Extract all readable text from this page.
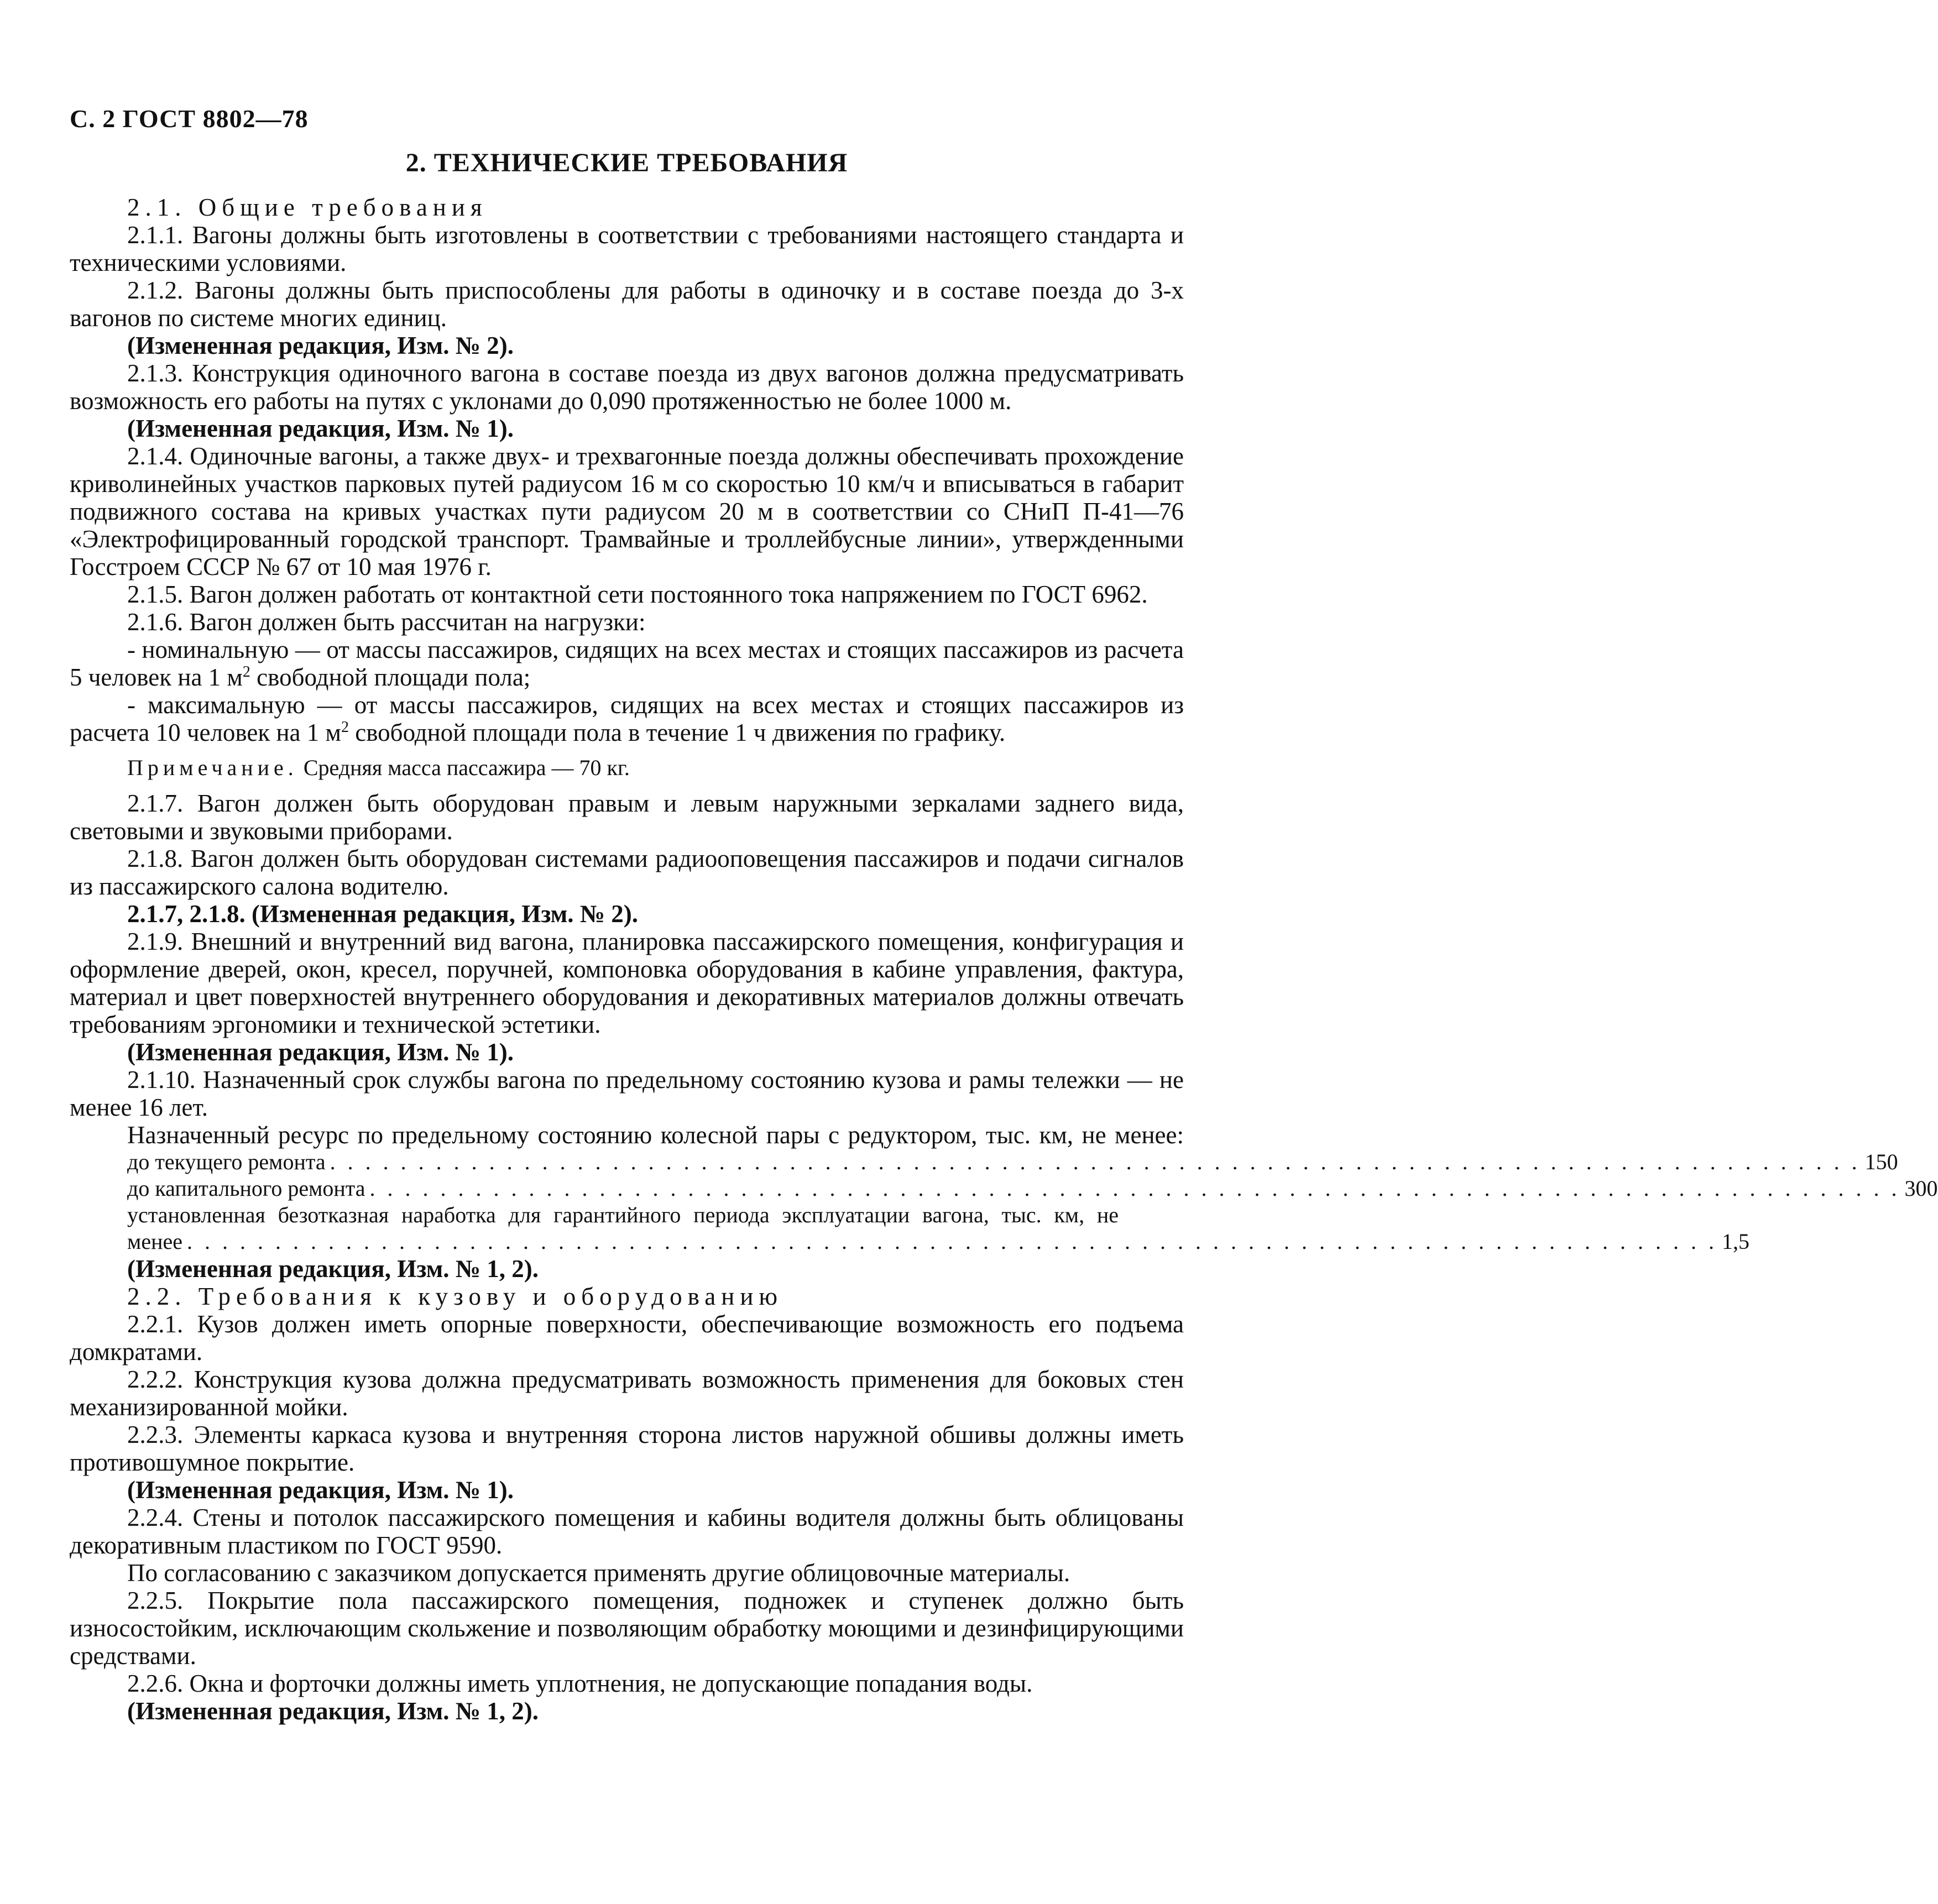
С. 2 ГОСТ 8802—78
2. ТЕХНИЧЕСКИЕ ТРЕБОВАНИЯ

2.1. Общие требования

2.1.1. Вагоны должны быть изготовлены в соответствии с требованиями настоящего стандарта и техническими условиями.

2.1.2. Вагоны должны быть приспособлены для работы в одиночку и в составе поезда до 3-х вагонов по системе многих единиц.

(Измененная редакция, Изм. № 2).

2.1.3. Конструкция одиночного вагона в составе поезда из двух вагонов должна предусматривать возможность его работы на путях с уклонами до 0,090 протяженностью не более 1000 м.

(Измененная редакция, Изм. № 1).

2.1.4. Одиночные вагоны, а также двух- и трехвагонные поезда должны обеспечивать прохождение криволинейных участков парковых путей радиусом 16 м со скоростью 10 км/ч и вписываться в габарит подвижного состава на кривых участках пути радиусом 20 м в соответствии со СНиП П-41—76 «Электрофицированный городской транспорт. Трамвайные и троллейбусные линии», утвержденными Госстроем СССР № 67 от 10 мая 1976 г.

2.1.5. Вагон должен работать от контактной сети постоянного тока напряжением по ГОСТ 6962.

2.1.6. Вагон должен быть рассчитан на нагрузки:

- номинальную — от массы пассажиров, сидящих на всех местах и стоящих пассажиров из расчета 5 человек на 1 $м^2$ свободной площади пола;

- максимальную — от массы пассажиров, сидящих на всех местах и стоящих пассажиров из расчета 10 человек на 1 $м^2$ свободной площади пола в течение 1 ч движения по графику.

Примечание. Средняя масса пассажира — 70 кг.

2.1.7. Вагон должен быть оборудован правым и левым наружными зеркалами заднего вида, световыми и звуковыми приборами.

2.1.8. Вагон должен быть оборудован системами радиооповещения пассажиров и подачи сигналов из пассажирского салона водителю.

2.1.7, 2.1.8. (Измененная редакция, Изм. № 2).

2.1.9. Внешний и внутренний вид вагона, планировка пассажирского помещения, конфигурация и оформление дверей, окон, кресел, поручней, компоновка оборудования в кабине управления, фактура, материал и цвет поверхностей внутреннего оборудования и декоративных материалов должны отвечать требованиям эргономики и технической эстетики.

(Измененная редакция, Изм. № 1).

2.1.10. Назначенный срок службы вагона по предельному состоянию кузова и рамы тележки — не менее 16 лет.

Назначенный ресурс по предельному состоянию колесной пары с редуктором, тыс. км, не менее:

до текущего ремонта . . . . . . . . . . . . . . . . . . . . . . . . . . . . . . . . . . . . . . . . . . . . . . . . . . . . . . . . . . . . . . . . . . . . . . . . . . . . . . . . . . . . . . . 150
до капитального ремонта . . . . . . . . . . . . . . . . . . . . . . . . . . . . . . . . . . . . . . . . . . . . . . . . . . . . . . . . . . . . . . . . . . . . . . . . . . . . . . . . . . . . . . . 300
установленная безотказная наработка для гарантийного периода эксплуатации вагона, тыс. км, не
менее . . . . . . . . . . . . . . . . . . . . . . . . . . . . . . . . . . . . . . . . . . . . . . . . . . . . . . . . . . . . . . . . . . . . . . . . . . . . . . . . . . . . . . . 1,5

(Измененная редакция, Изм. № 1, 2).

2.2. Требования к кузову и оборудованию

2.2.1. Кузов должен иметь опорные поверхности, обеспечивающие возможность его подъема домкратами.

2.2.2. Конструкция кузова должна предусматривать возможность применения для боковых стен механизированной мойки.

2.2.3. Элементы каркаса кузова и внутренняя сторона листов наружной обшивы должны иметь противошумное покрытие.

(Измененная редакция, Изм. № 1).

2.2.4. Стены и потолок пассажирского помещения и кабины водителя должны быть облицованы декоративным пластиком по ГОСТ 9590.

По согласованию с заказчиком допускается применять другие облицовочные материалы.

2.2.5. Покрытие пола пассажирского помещения, подножек и ступенек должно быть износостойким, исключающим скольжение и позволяющим обработку моющими и дезинфицирующими средствами.

2.2.6. Окна и форточки должны иметь уплотнения, не допускающие попадания воды.

(Измененная редакция, Изм. № 1, 2).
